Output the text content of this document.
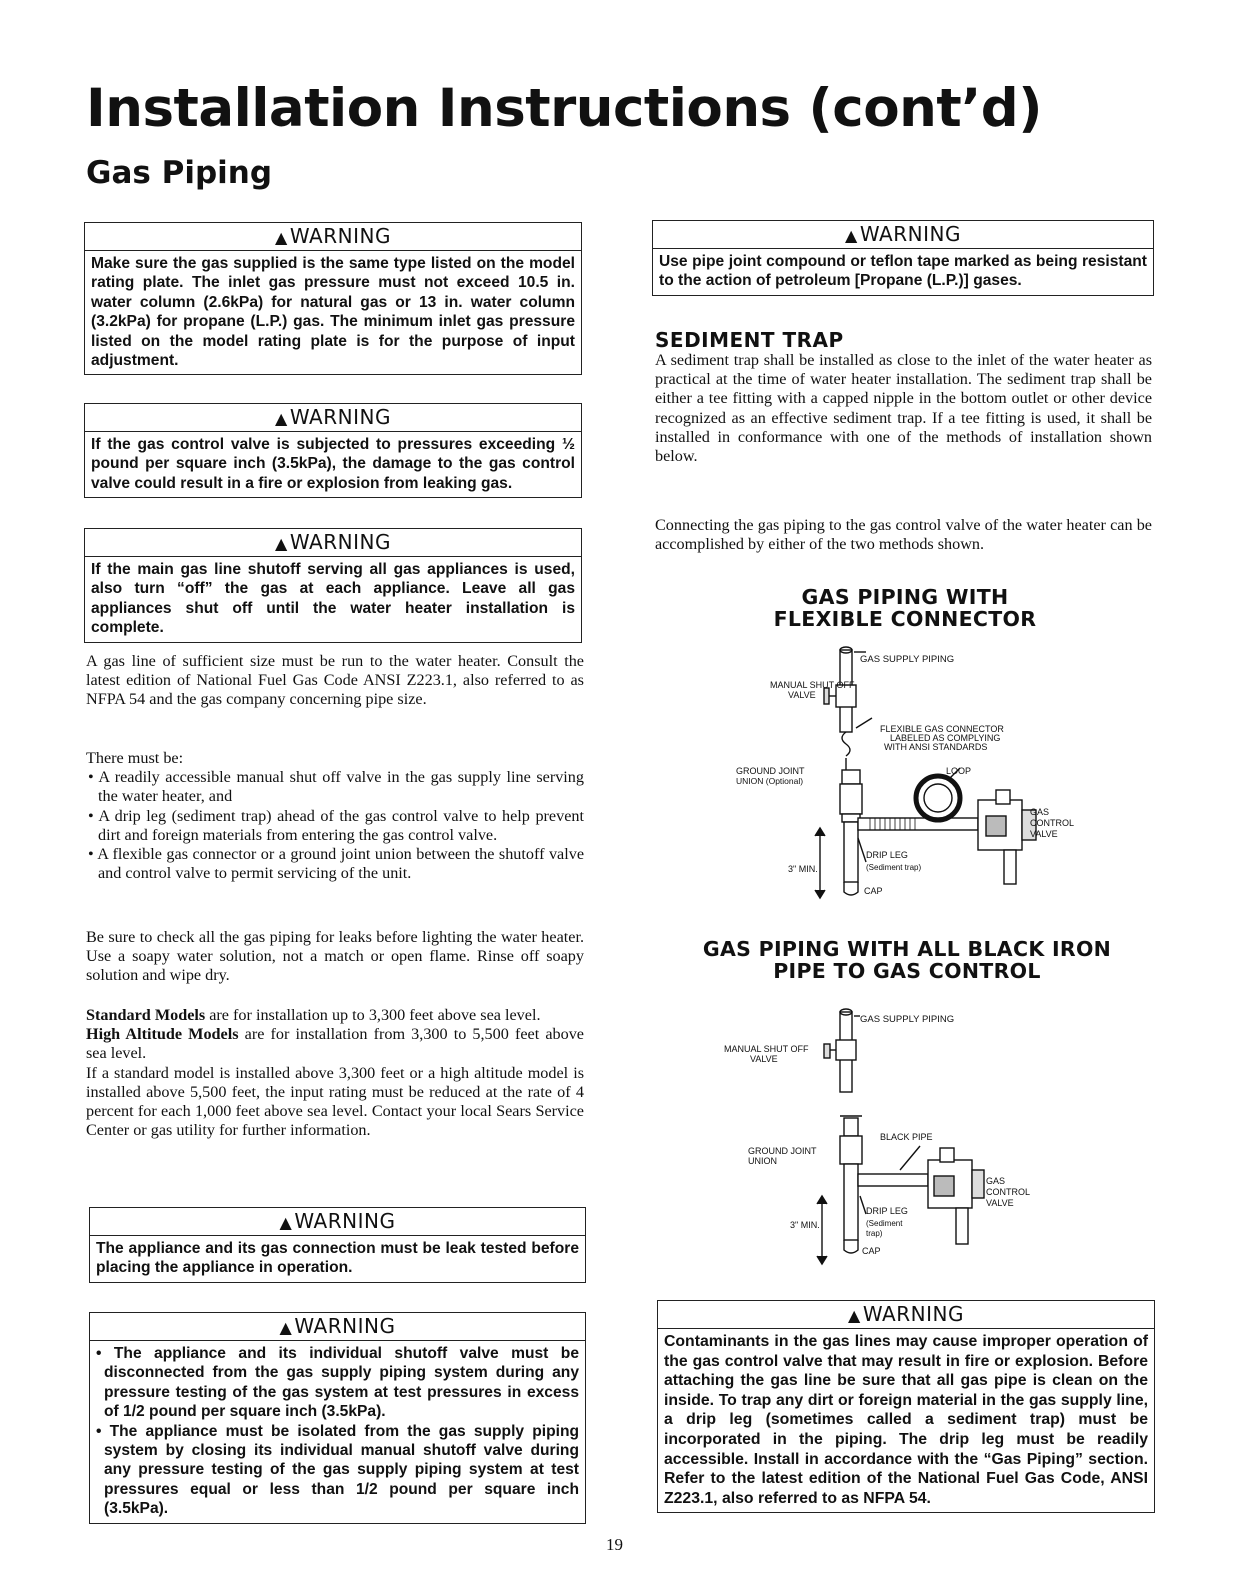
Installation Instructions (cont’d)
Gas Piping
▲ WARNING
Make sure the gas supplied is the same type listed on the model rating plate. The inlet gas pressure must not exceed 10.5 in. water column (2.6kPa) for natural gas or 13 in. water column (3.2kPa) for propane (L.P.) gas. The minimum inlet gas pressure listed on the model rating plate is for the purpose of input adjustment.
▲ WARNING
If the gas control valve is subjected to pressures exceeding ½ pound per square inch (3.5kPa), the damage to the gas control valve could result in a fire or explosion from leaking gas.
▲ WARNING
If the main gas line shutoff serving all gas appliances is used, also turn “off” the gas at each appliance. Leave all gas appliances shut off until the water heater installation is complete.

A gas line of sufficient size must be run to the water heater. Consult the latest edition of National Fuel Gas Code ANSI Z223.1, also referred to as NFPA 54 and the gas company concerning pipe size.

There must be:

• A readily accessible manual shut off valve in the gas supply line serving the water heater, and
• A drip leg (sediment trap) ahead of the gas control valve to help prevent dirt and foreign materials from entering the gas control valve.
• A flexible gas connector or a ground joint union between the shutoff valve and control valve to permit servicing of the unit.

Be sure to check all the gas piping for leaks before lighting the water heater. Use a soapy water solution, not a match or open flame. Rinse off soapy solution and wipe dry.

Standard Models are for installation up to 3,300 feet above sea level.

High Altitude Models are for installation from 3,300 to 5,500 feet above sea level.

If a standard model is installed above 3,300 feet or a high altitude model is installed above 5,500 feet, the input rating must be reduced at the rate of 4 percent for each 1,000 feet above sea level. Contact your local Sears Service Center or gas utility for further information.

▲ WARNING
The appliance and its gas connection must be leak tested before placing the appliance in operation.
▲ WARNING
• The appliance and its individual shutoff valve must be disconnected from the gas supply piping system during any pressure testing of the gas system at test pressures in excess of 1/2 pound per square inch (3.5kPa).
• The appliance must be isolated from the gas supply piping system by closing its individual manual shutoff valve during any pressure testing of the gas supply piping system at test pressures equal or less than 1/2 pound per square inch (3.5kPa).
▲ WARNING
Use pipe joint compound or teflon tape marked as being resistant to the action of petroleum [Propane (L.P.)] gases.
SEDIMENT TRAP

A sediment trap shall be installed as close to the inlet of the water heater as practical at the time of water heater installation. The sediment trap shall be either a tee fitting with a capped nipple in the bottom outlet or other device recognized as an effective sediment trap. If a tee fitting is used, it shall be installed in conformance with one of the methods of installation shown below.

Connecting the gas piping to the gas control valve of the water heater can be accomplished by either of the two methods shown.

GAS PIPING WITH
FLEXIBLE CONNECTOR
GAS SUPPLY PIPING
MANUAL SHUT OFF
VALVE
FLEXIBLE GAS CONNECTOR
LABELED AS COMPLYING
WITH ANSI STANDARDS
LOOP
GROUND JOINT
UNION (Optional)
GAS
CONTROL
VALVE
DRIP LEG
(Sediment trap)
3" MIN.
CAP
GAS PIPING WITH ALL BLACK IRON
PIPE TO GAS CONTROL
GAS SUPPLY PIPING
MANUAL SHUT OFF
VALVE
BLACK PIPE
GROUND JOINT
UNION
GAS
CONTROL
VALVE
DRIP LEG
(Sediment
trap)
3" MIN.
CAP
▲ WARNING
Contaminants in the gas lines may cause improper operation of the gas control valve that may result in fire or explosion. Before attaching the gas line be sure that all gas pipe is clean on the inside. To trap any dirt or foreign material in the gas supply line, a drip leg (sometimes called a sediment trap) must be incorporated in the piping. The drip leg must be readily accessible. Install in accordance with the “Gas Piping” section. Refer to the latest edition of the National Fuel Gas Code, ANSI Z223.1, also referred to as NFPA 54.
19
